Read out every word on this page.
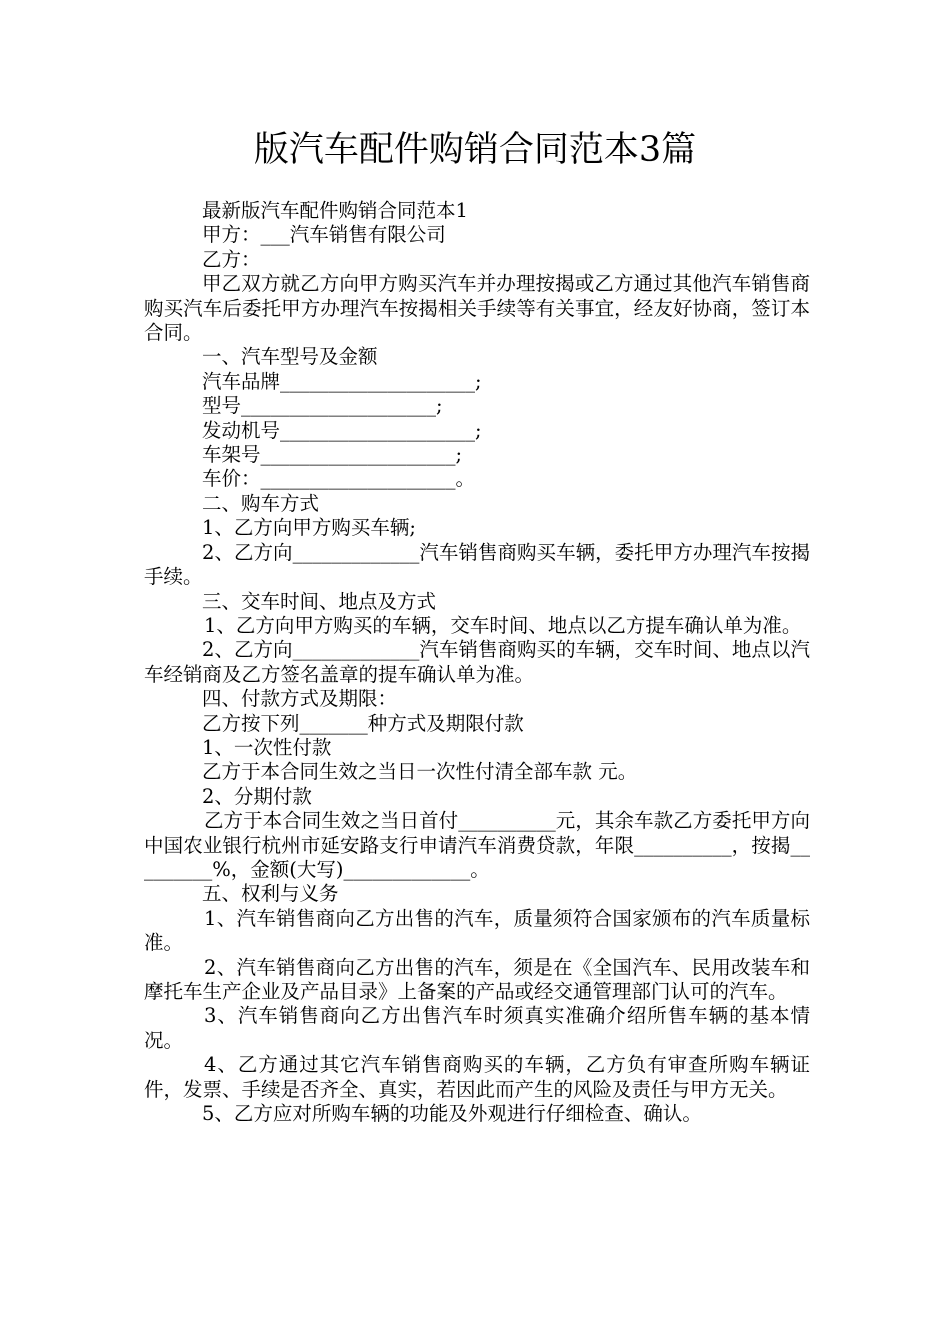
版汽车配件购销合同范本3篇

最新版汽车配件购销合同范本1

甲方：___汽车销售有限公司

乙方：

甲乙双方就乙方向甲方购买汽车并办理按揭或乙方通过其他汽车销售商购买汽车后委托甲方办理汽车按揭相关手续等有关事宜，经友好协商，签订本合同。

一、汽车型号及金额

汽车品牌____________________;

型号____________________;

发动机号____________________;

车架号____________________;

车价：____________________。

二、购车方式

1、乙方向甲方购买车辆;

2、乙方向_____________汽车销售商购买车辆，委托甲方办理汽车按揭手续。

三、交车时间、地点及方式

1、乙方向甲方购买的车辆，交车时间、地点以乙方提车确认单为准。

2、乙方向_____________汽车销售商购买的车辆，交车时间、地点以汽车经销商及乙方签名盖章的提车确认单为准。

四、付款方式及期限：

乙方按下列_______种方式及期限付款

1、一次性付款

乙方于本合同生效之当日一次性付清全部车款 元。

2、分期付款

乙方于本合同生效之当日首付__________元，其余车款乙方委托甲方向中国农业银行杭州市延安路支行申请汽车消费贷款，年限__________，按揭_________%，金额(大写)_____________。

五、权利与义务

1、汽车销售商向乙方出售的汽车，质量须符合国家颁布的汽车质量标准。

2、汽车销售商向乙方出售的汽车，须是在《全国汽车、民用改装车和摩托车生产企业及产品目录》上备案的产品或经交通管理部门认可的汽车。

3、汽车销售商向乙方出售汽车时须真实准确介绍所售车辆的基本情况。

4、乙方通过其它汽车销售商购买的车辆，乙方负有审查所购车辆证件，发票、手续是否齐全、真实，若因此而产生的风险及责任与甲方无关。

5、乙方应对所购车辆的功能及外观进行仔细检查、确认。
